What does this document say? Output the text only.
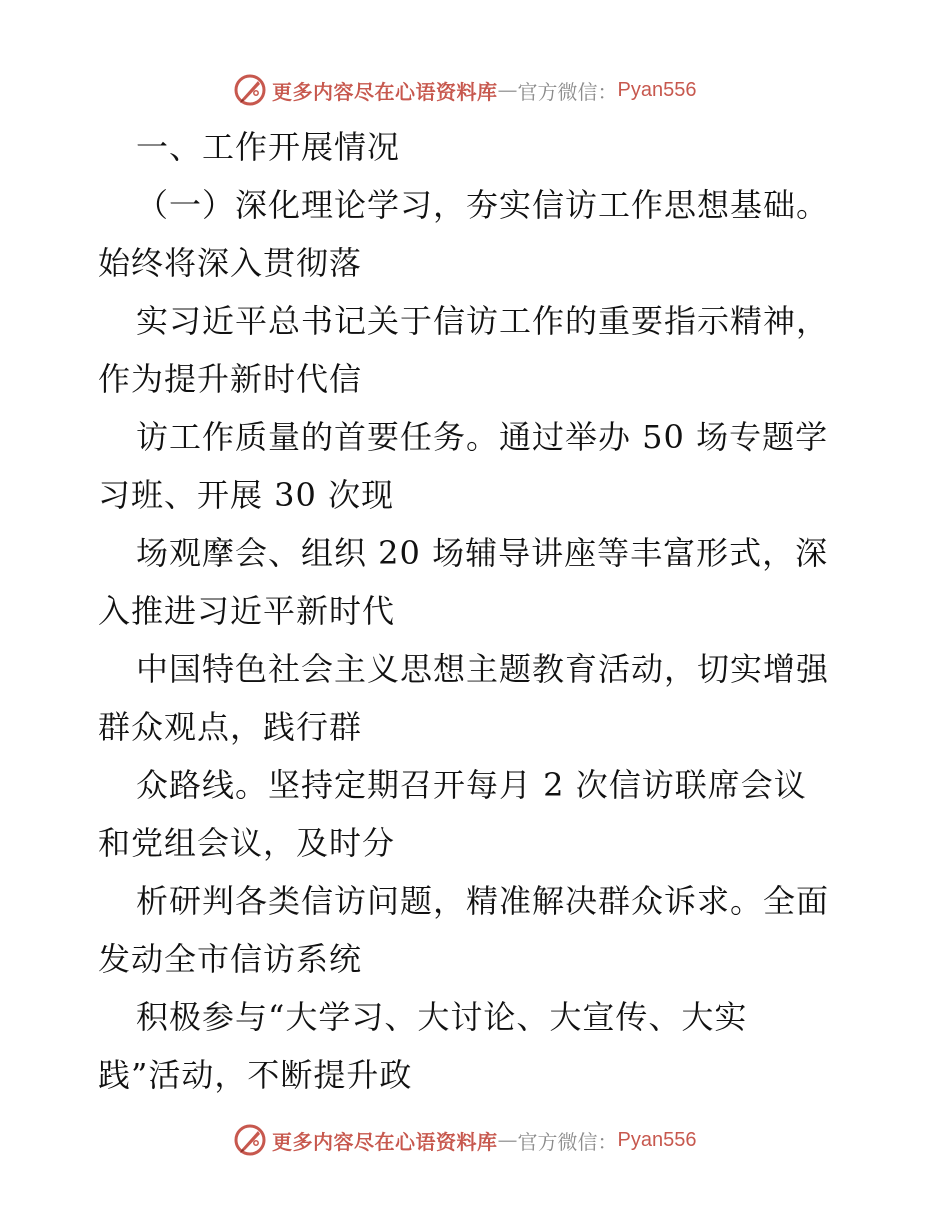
更多内容尽在心语资料库 — 官方微信： Pyan556
一、工作开展情况
（一）深化理论学习，夯实信访工作思想基础。
始终将深入贯彻落
实习近平总书记关于信访工作的重要指示精神，
作为提升新时代信
访工作质量的首要任务。通过举办 50 场专题学
习班、开展 30 次现
场观摩会、组织 20 场辅导讲座等丰富形式，深
入推进习近平新时代
中国特色社会主义思想主题教育活动，切实增强
群众观点，践行群
众路线。坚持定期召开每月 2 次信访联席会议
和党组会议，及时分
析研判各类信访问题，精准解决群众诉求。全面
发动全市信访系统
积极参与“大学习、大讨论、大宣传、大实
践”活动，不断提升政
更多内容尽在心语资料库 — 官方微信： Pyan556
